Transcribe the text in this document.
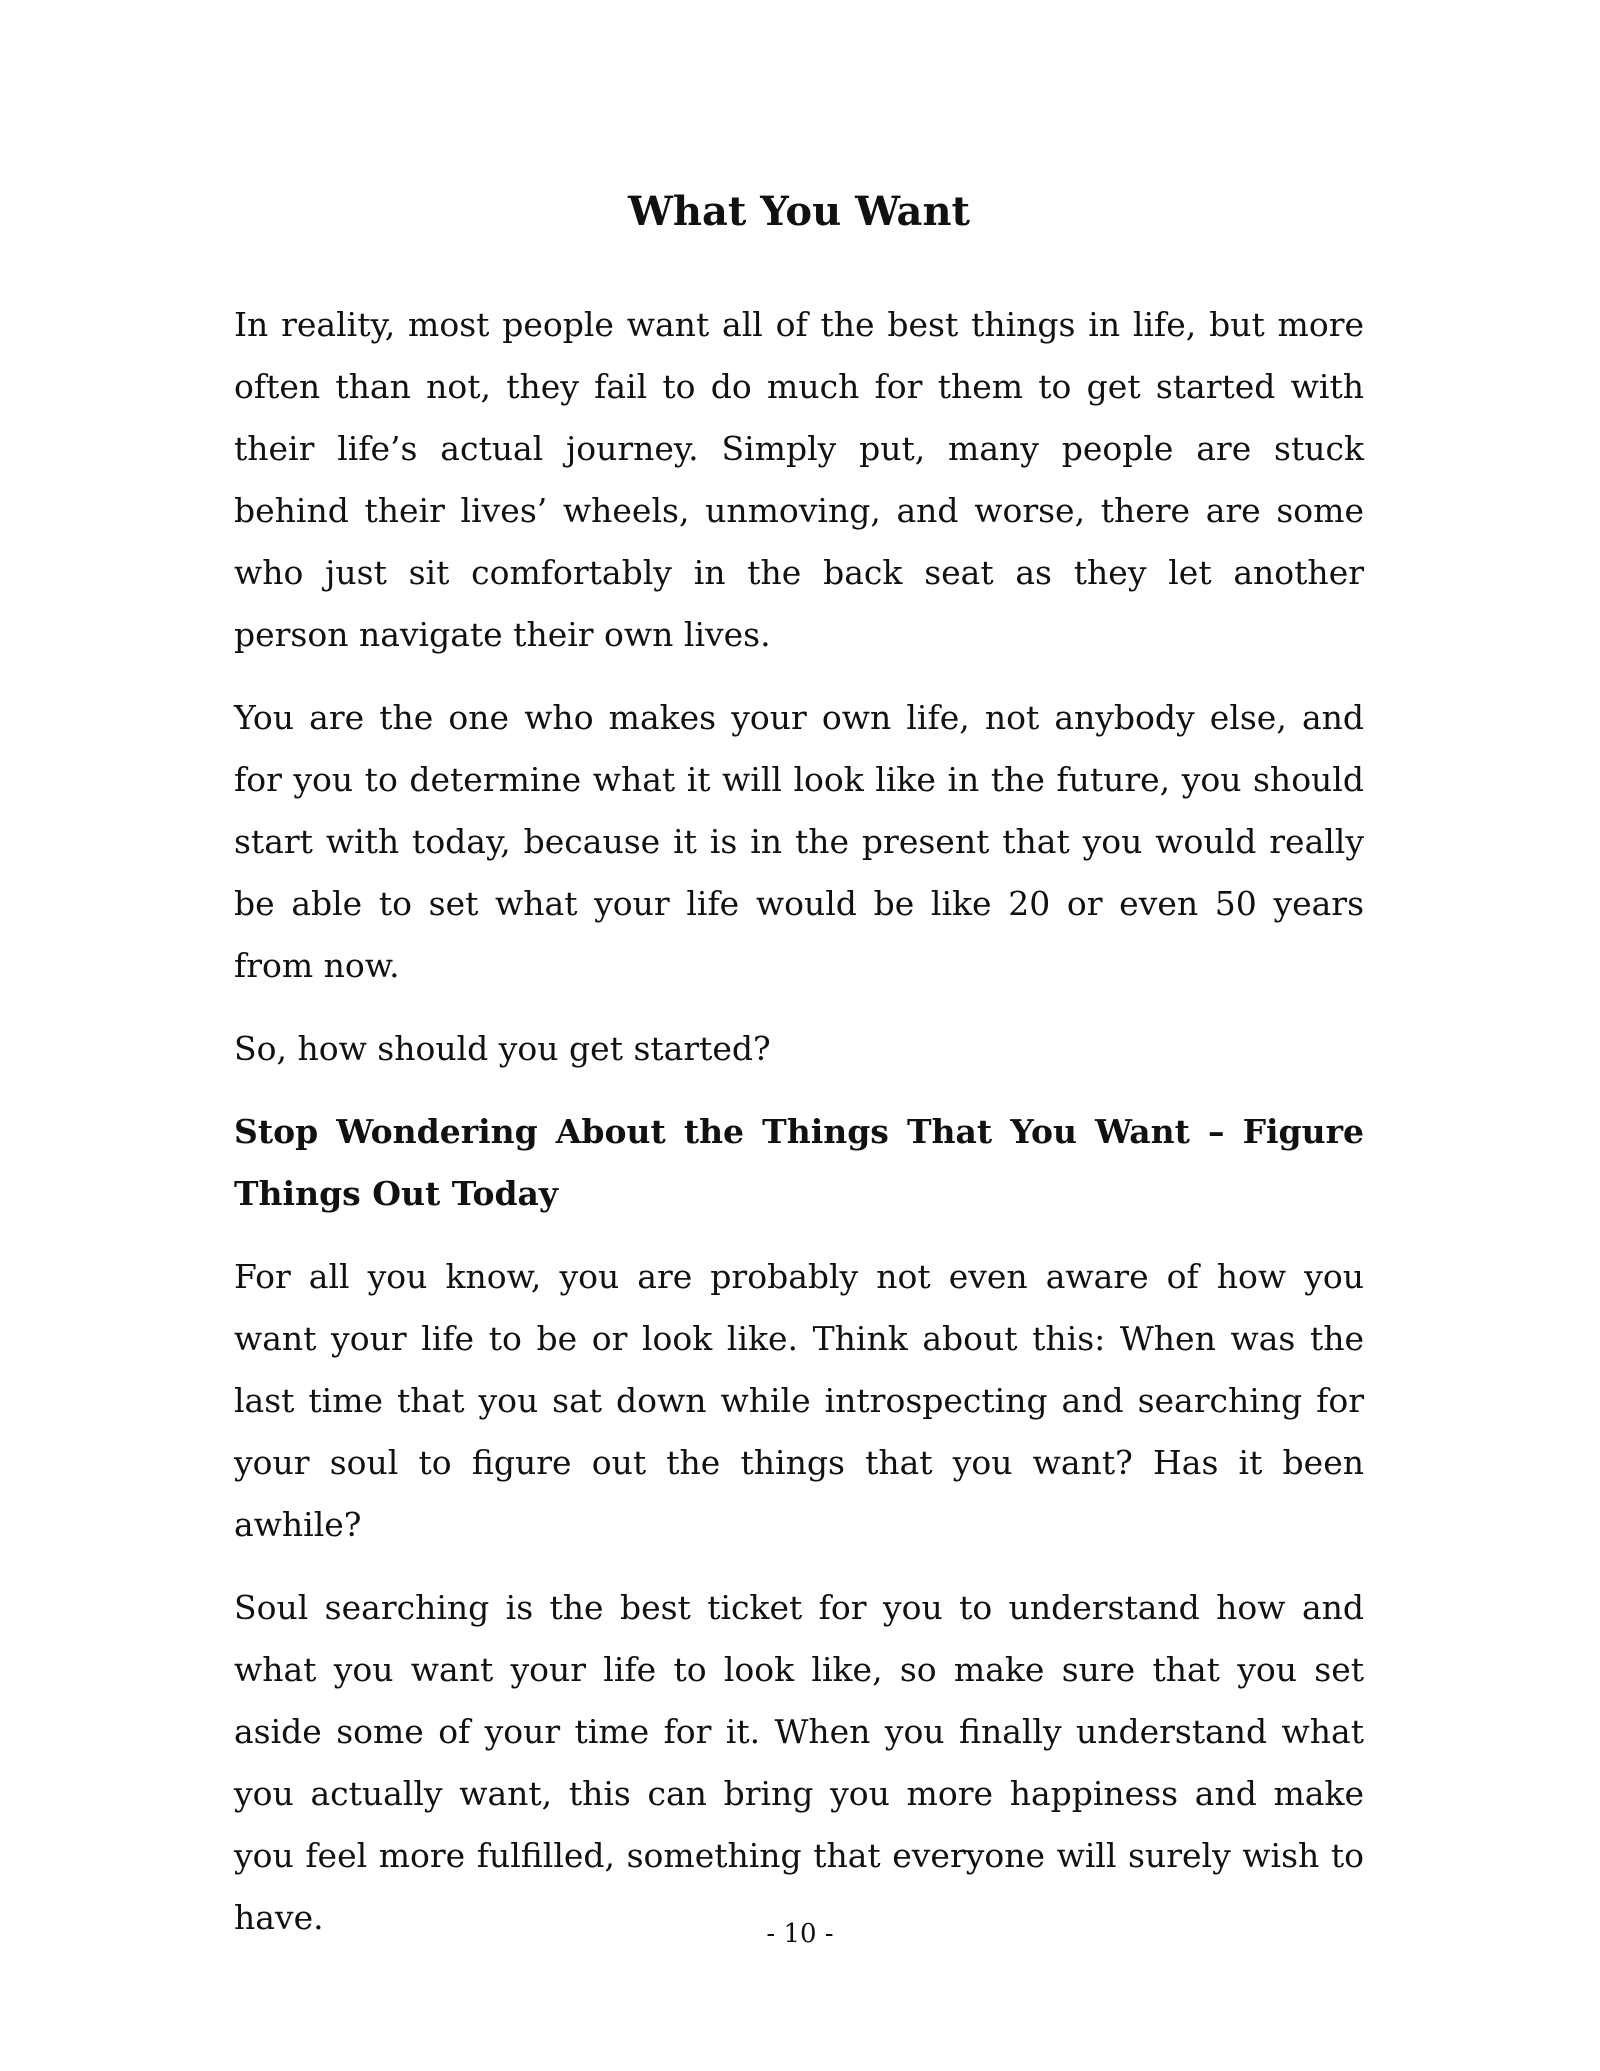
What You Want

In reality, most people want all of the best things in life, but more often than not, they fail to do much for them to get started with their life’s actual journey. Simply put, many people are stuck behind their lives’ wheels, unmoving, and worse, there are some who just sit comfortably in the back seat as they let another person navigate their own lives.

You are the one who makes your own life, not anybody else, and for you to determine what it will look like in the future, you should start with today, because it is in the present that you would really be able to set what your life would be like 20 or even 50 years from now.

So, how should you get started?

Stop Wondering About the Things That You Want – Figure Things Out Today

For all you know, you are probably not even aware of how you want your life to be or look like. Think about this: When was the last time that you sat down while introspecting and searching for your soul to figure out the things that you want? Has it been awhile?

Soul searching is the best ticket for you to understand how and what you want your life to look like, so make sure that you set aside some of your time for it. When you finally understand what you actually want, this can bring you more happiness and make you feel more fulfilled, something that everyone will surely wish to have.	- 10 -
